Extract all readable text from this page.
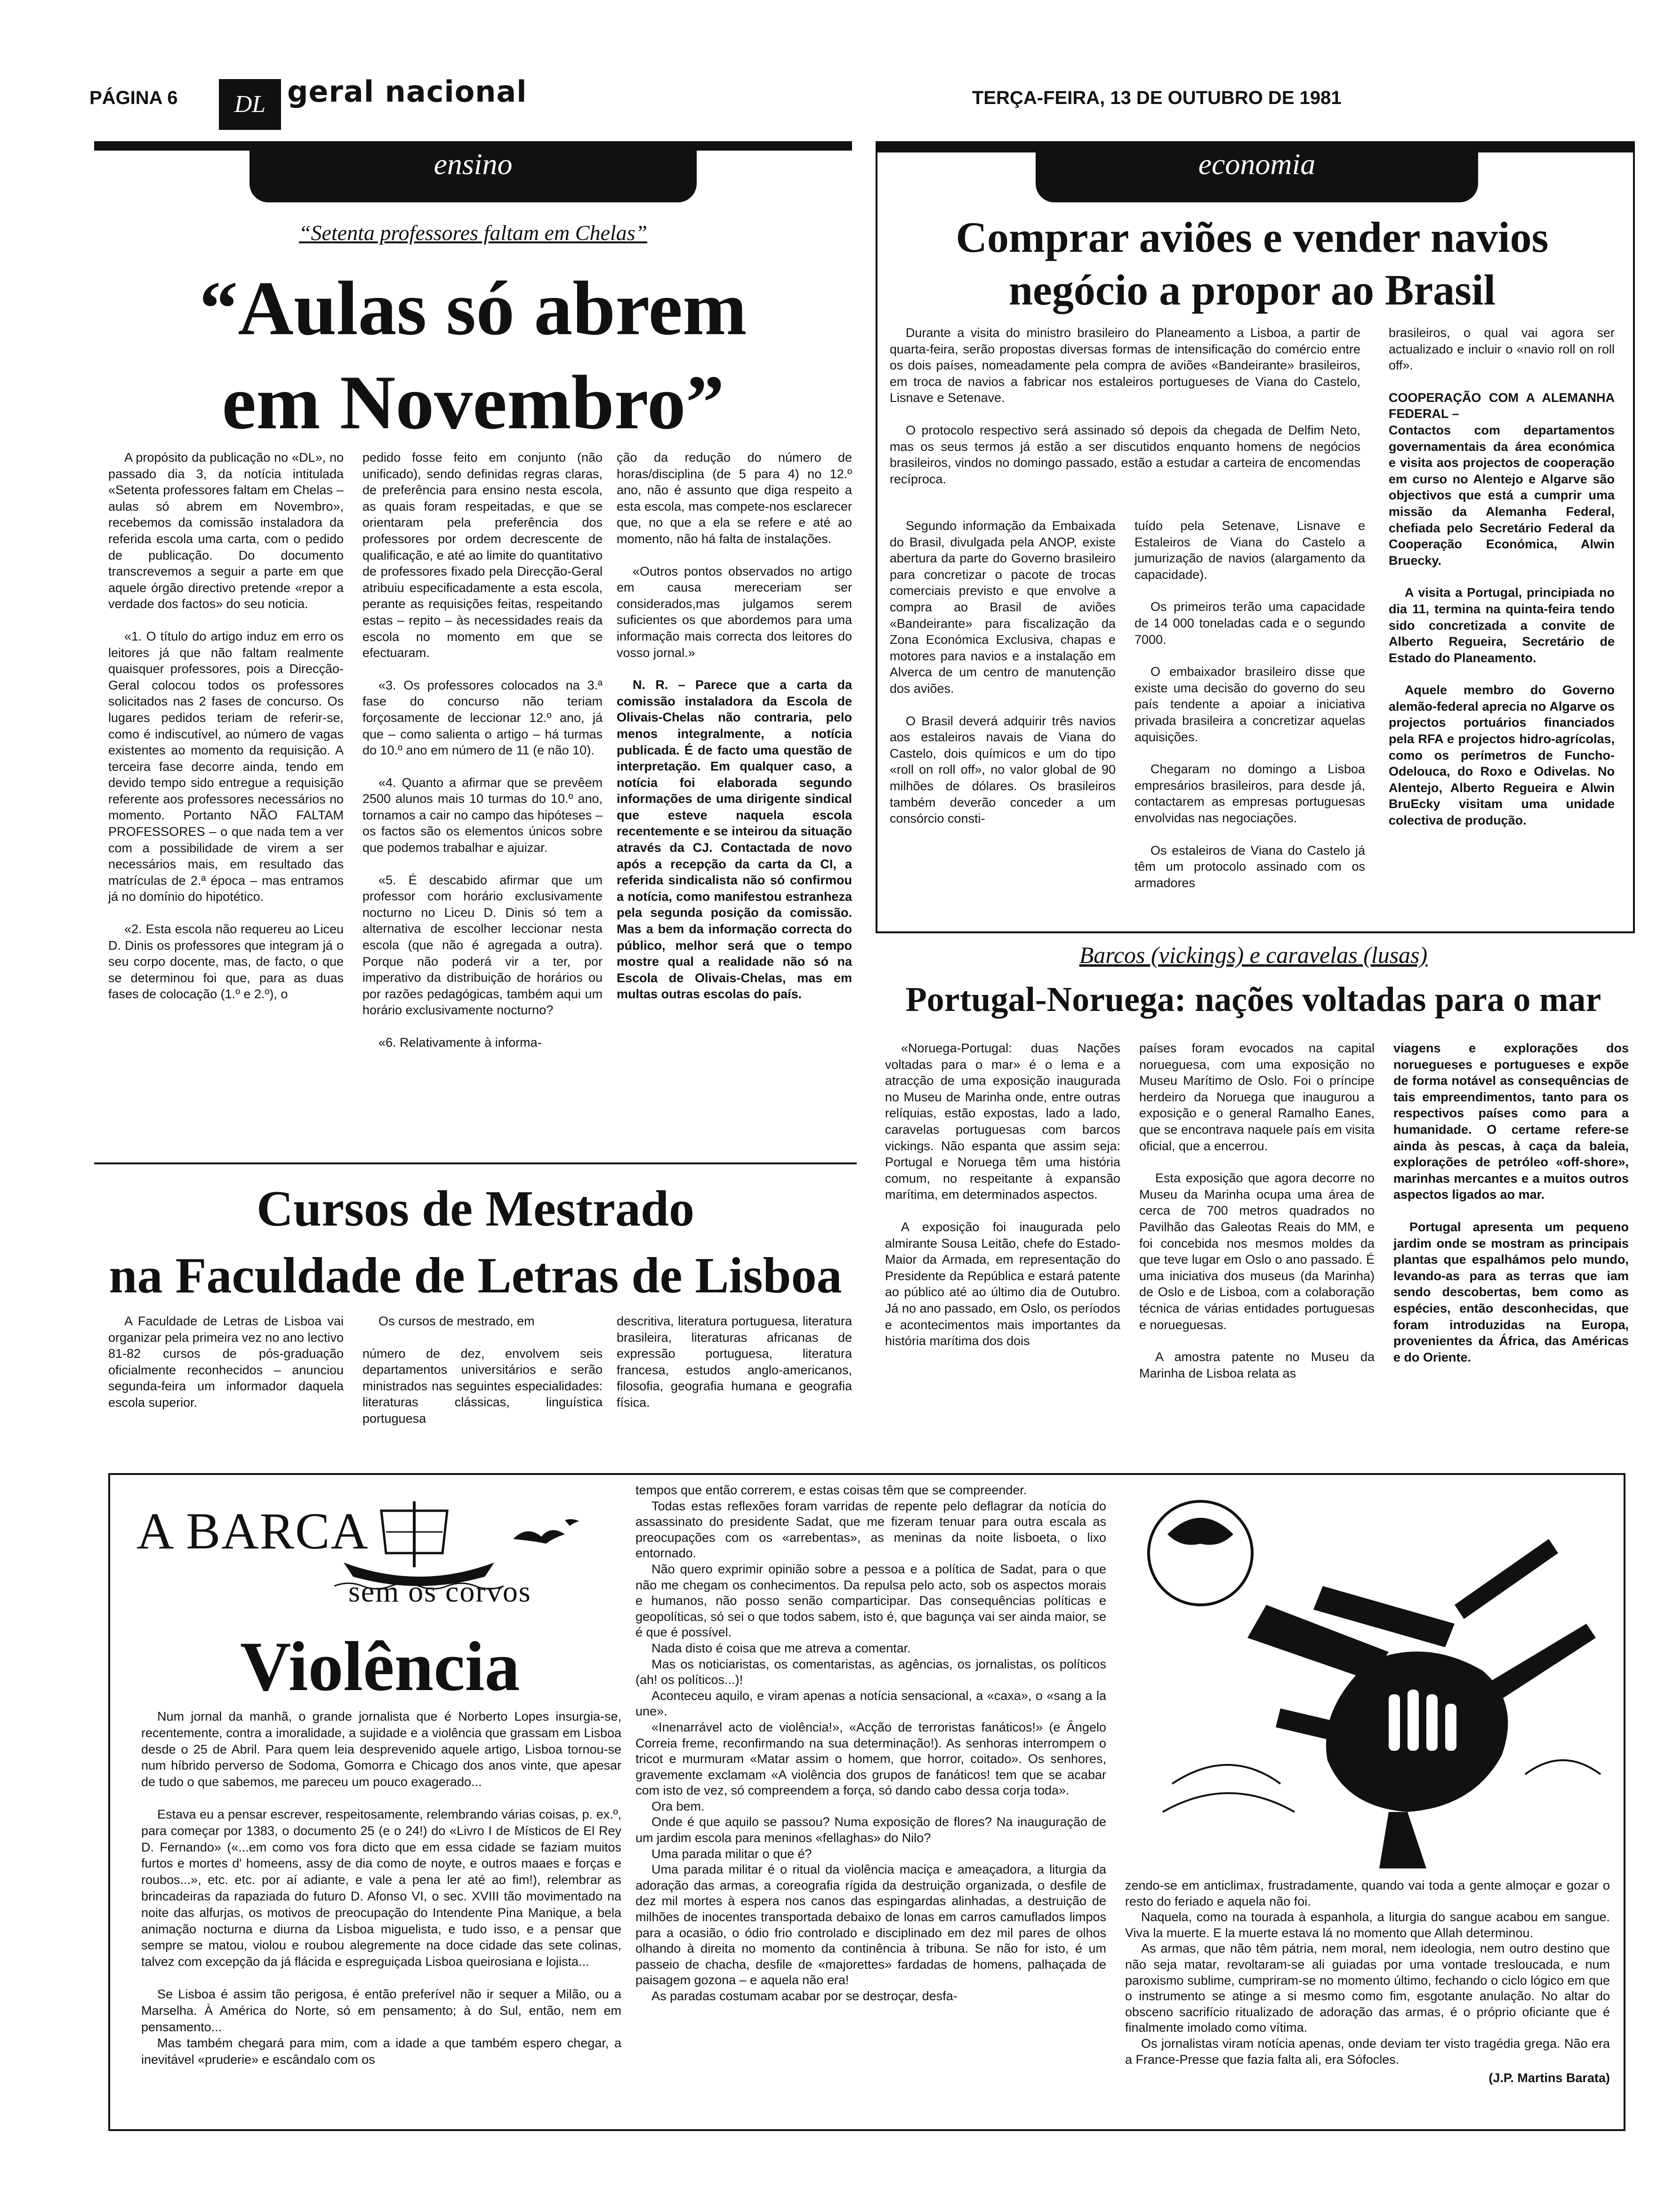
PÁGINA 6	DL geral nacional	TERÇA-FEIRA, 13 DE OUTUBRO DE 1981
ensino
“Setenta professores faltam em Chelas”
“Aulas só abrem
em Novembro”

A propósito da publicação no «DL», no passado dia 3, da notícia intitulada «Setenta professores faltam em Chelas – aulas só abrem em Novembro», recebemos da comissão instaladora da referida escola uma carta, com o pedido de publicação. Do documento transcrevemos a seguir a parte em que aquele órgão directivo pretende «repor a verdade dos factos» do seu noticia.

«1. O título do artigo induz em erro os leitores já que não faltam realmente quaisquer professores, pois a Direcção-Geral colocou todos os professores solicitados nas 2 fases de concurso. Os lugares pedidos teriam de referir-se, como é indiscutível, ao número de vagas existentes ao momento da requisição. A terceira fase decorre ainda, tendo em devido tempo sido entregue a requisição referente aos professores necessários no momento. Portanto NÃO FALTAM PROFESSORES – o que nada tem a ver com a possibilidade de virem a ser necessários mais, em resultado das matrículas de 2.ª época – mas entramos já no domínio do hipotético.

«2. Esta escola não requereu ao Liceu D. Dinis os professores que integram já o seu corpo docente, mas, de facto, o que se determinou foi que, para as duas fases de colocação (1.º e 2.º), o

pedido fosse feito em conjunto (não unificado), sendo definidas regras claras, de preferência para ensino nesta escola, as quais foram respeitadas, e que se orientaram pela preferência dos professores por ordem decrescente de qualificação, e até ao limite do quantitativo de professores fixado pela Direcção-Geral atribuiu especificadamente a esta escola, perante as requisições feitas, respeitando estas – repito – às necessidades reais da escola no momento em que se efectuaram.

«3. Os professores colocados na 3.ª fase do concurso não teriam forçosamente de leccionar 12.º ano, já que – como salienta o artigo – há turmas do 10.º ano em número de 11 (e não 10).

«4. Quanto a afirmar que se prevêem 2500 alunos mais 10 turmas do 10.º ano, tornamos a cair no campo das hipóteses – os factos são os elementos únicos sobre que podemos trabalhar e ajuizar.

«5. É descabido afirmar que um professor com horário exclusivamente nocturno no Liceu D. Dinis só tem a alternativa de escolher leccionar nesta escola (que não é agregada a outra). Porque não poderá vir a ter, por imperativo da distribuição de horários ou por razões pedagógicas, também aqui um horário exclusivamente nocturno?

«6. Relativamente à informa-

ção da redução do número de horas/disciplina (de 5 para 4) no 12.º ano, não é assunto que diga respeito a esta escola, mas compete-nos esclarecer que, no que a ela se refere e até ao momento, não há falta de instalações.

«Outros pontos observados no artigo em causa mereceriam ser considerados,mas julgamos serem suficientes os que abordemos para uma informação mais correcta dos leitores do vosso jornal.»

N. R. – Parece que a carta da comissão instaladora da Escola de Olivais-Chelas não contraria, pelo menos integralmente, a notícia publicada. É de facto uma questão de interpretação. Em qualquer caso, a notícia foi elaborada segundo informações de uma dirigente sindical que esteve naquela escola recentemente e se inteirou da situação através da CJ. Contactada de novo após a recepção da carta da CI, a referida sindicalista não só confirmou a notícia, como manifestou estranheza pela segunda posição da comissão. Mas a bem da informação correcta do público, melhor será que o tempo mostre qual a realidade não só na Escola de Olivais-Chelas, mas em multas outras escolas do país.

economia
Comprar aviões e vender navios
negócio a propor ao Brasil

Durante a visita do ministro brasileiro do Planeamento a Lisboa, a partir de quarta-feira, serão propostas diversas formas de intensificação do comércio entre os dois países, nomeadamente pela compra de aviões «Bandeirante» brasileiros, em troca de navios a fabricar nos estaleiros portugueses de Viana do Castelo, Lisnave e Setenave.

O protocolo respectivo será assinado só depois da chegada de Delfim Neto, mas os seus termos já estão a ser discutidos enquanto homens de negócios brasileiros, vindos no domingo passado, estão a estudar a carteira de encomendas recíproca.

Segundo informação da Embaixada do Brasil, divulgada pela ANOP, existe abertura da parte do Governo brasileiro para concretizar o pacote de trocas comerciais previsto e que envolve a compra ao Brasil de aviões «Bandeirante» para fiscalização da Zona Económica Exclusiva, chapas e motores para navios e a instalação em Alverca de um centro de manutenção dos aviões.

O Brasil deverá adquirir três navios aos estaleiros navais de Viana do Castelo, dois químicos e um do tipo «roll on roll off», no valor global de 90 milhões de dólares. Os brasileiros também deverão conceder a um consórcio consti-

tuído pela Setenave, Lisnave e Estaleiros de Viana do Castelo a jumurização de navios (alargamento da capacidade).

Os primeiros terão uma capacidade de 14 000 toneladas cada e o segundo 7000.

O embaixador brasileiro disse que existe uma decisão do governo do seu país tendente a apoiar a iniciativa privada brasileira a concretizar aquelas aquisições.

Chegaram no domingo a Lisboa empresários brasileiros, para desde já, contactarem as empresas portuguesas envolvidas nas negociações.

Os estaleiros de Viana do Castelo já têm um protocolo assinado com os armadores

brasileiros, o qual vai agora ser actualizado e incluir o «navio roll on roll off».

COOPERAÇÃO COM A ALEMANHA FEDERAL –

Contactos com departamentos governamentais da área económica e visita aos projectos de cooperação em curso no Alentejo e Algarve são objectivos que está a cumprir uma missão da Alemanha Federal, chefiada pelo Secretário Federal da Cooperação Económica, Alwin Bruecky.

A visita a Portugal, principiada no dia 11, termina na quinta-feira tendo sido concretizada a convite de Alberto Regueira, Secretário de Estado do Planeamento.

Aquele membro do Governo alemão-federal aprecia no Algarve os projectos portuários financiados pela RFA e projectos hidro-agrícolas, como os perímetros de Funcho-Odelouca, do Roxo e Odivelas. No Alentejo, Alberto Regueira e Alwin BruEcky visitam uma unidade colectiva de produção.

Barcos (vickings) e caravelas (lusas)
Portugal-Noruega: nações voltadas para o mar

«Noruega-Portugal: duas Nações voltadas para o mar» é o lema e a atracção de uma exposição inaugurada no Museu de Marinha onde, entre outras relíquias, estão expostas, lado a lado, caravelas portuguesas com barcos vickings. Não espanta que assim seja: Portugal e Noruega têm uma história comum, no respeitante à expansão marítima, em determinados aspectos.

A exposição foi inaugurada pelo almirante Sousa Leitão, chefe do Estado-Maior da Armada, em representação do Presidente da República e estará patente ao público até ao último dia de Outubro. Já no ano passado, em Oslo, os períodos e acontecimentos mais importantes da história marítima dos dois

países foram evocados na capital norueguesa, com uma exposição no Museu Marítimo de Oslo. Foi o príncipe herdeiro da Noruega que inaugurou a exposição e o general Ramalho Eanes, que se encontrava naquele país em visita oficial, que a encerrou.

Esta exposição que agora decorre no Museu da Marinha ocupa uma área de cerca de 700 metros quadrados no Pavilhão das Galeotas Reais do MM, e foi concebida nos mesmos moldes da que teve lugar em Oslo o ano passado. É uma iniciativa dos museus (da Marinha) de Oslo e de Lisboa, com a colaboração técnica de várias entidades portuguesas e norueguesas.

A amostra patente no Museu da Marinha de Lisboa relata as

viagens e explorações dos noruegueses e portugueses e expõe de forma notável as consequências de tais empreendimentos, tanto para os respectivos países como para a humanidade. O certame refere-se ainda às pescas, à caça da baleia, explorações de petróleo «off-shore», marinhas mercantes e a muitos outros aspectos ligados ao mar.

Portugal apresenta um pequeno jardim onde se mostram as principais plantas que espalhámos pelo mundo, levando-as para as terras que iam sendo descobertas, bem como as espécies, então desconhecidas, que foram introduzidas na Europa, provenientes da África, das Américas e do Oriente.

Cursos de Mestrado
na Faculdade de Letras de Lisboa

A Faculdade de Letras de Lisboa vai organizar pela primeira vez no ano lectivo 81-82 cursos de pós-graduação oficialmente reconhecidos – anunciou segunda-feira um informador daquela escola superior.

Os cursos de mestrado, em

número de dez, envolvem seis departamentos universitários e serão ministrados nas seguintes especialidades: literaturas clássicas, linguística portuguesa

descritiva, literatura portuguesa, literatura brasileira, literaturas africanas de expressão portuguesa, literatura francesa, estudos anglo-americanos, filosofia, geografia humana e geografia física.

A BARCA
sem os corvos
Violência

Num jornal da manhã, o grande jornalista que é Norberto Lopes insurgia-se, recentemente, contra a imoralidade, a sujidade e a violência que grassam em Lisboa desde o 25 de Abril. Para quem leia desprevenido aquele artigo, Lisboa tornou-se num híbrido perverso de Sodoma, Gomorra e Chicago dos anos vinte, que apesar de tudo o que sabemos, me pareceu um pouco exagerado...

Estava eu a pensar escrever, respeitosamente, relembrando várias coisas, p. ex.º, para começar por 1383, o documento 25 (e o 24!) do «Livro I de Místicos de El Rey D. Fernando» («...em como vos fora dicto que em essa cidade se faziam muitos furtos e mortes d' homeens, assy de dia como de noyte, e outros maaes e forças e roubos...», etc. etc. por aí adiante, e vale a pena ler até ao fim!), relembrar as brincadeiras da rapaziada do futuro D. Afonso VI, o sec. XVIII tão movimentado na noite das alfurjas, os motivos de preocupação do Intendente Pina Manique, a bela animação nocturna e diurna da Lisboa miguelista, e tudo isso, e a pensar que sempre se matou, violou e roubou alegremente na doce cidade das sete colinas, talvez com excepção da já flácida e espreguiçada Lisboa queirosiana e lojista...

Se Lisboa é assim tão perigosa, é então preferível não ir sequer a Milão, ou a Marselha. À América do Norte, só em pensamento; à do Sul, então, nem em pensamento...

Mas também chegará para mim, com a idade a que também espero chegar, a inevitável «pruderie» e escândalo com os

tempos que então correrem, e estas coisas têm que se compreender.

Todas estas reflexões foram varridas de repente pelo deflagrar da notícia do assassinato do presidente Sadat, que me fizeram tenuar para outra escala as preocupações com os «arrebentas», as meninas da noite lisboeta, o lixo entornado.

Não quero exprimir opinião sobre a pessoa e a política de Sadat, para o que não me chegam os conhecimentos. Da repulsa pelo acto, sob os aspectos morais e humanos, não posso senão comparticipar. Das consequências políticas e geopolíticas, só sei o que todos sabem, isto é, que bagunça vai ser ainda maior, se é que é possível.

Nada disto é coisa que me atreva a comentar.

Mas os noticiaristas, os comentaristas, as agências, os jornalistas, os políticos (ah! os políticos...)!

Aconteceu aquilo, e viram apenas a notícia sensacional, a «caxa», o «sang a la une».

«Inenarrável acto de violência!», «Acção de terroristas fanáticos!» (e Ângelo Correia freme, reconfirmando na sua determinação!). As senhoras interrompem o tricot e murmuram «Matar assim o homem, que horror, coitado». Os senhores, gravemente exclamam «A violência dos grupos de fanáticos! tem que se acabar com isto de vez, só compreendem a força, só dando cabo dessa corja toda».

Ora bem.

Onde é que aquilo se passou? Numa exposição de flores? Na inauguração de um jardim escola para meninos «fellaghas» do Nilo?

Uma parada militar o que é?

Uma parada militar é o ritual da violência maciça e ameaçadora, a liturgia da adoração das armas, a coreografia rígida da destruição organizada, o desfile de dez mil mortes à espera nos canos das espingardas alinhadas, a destruição de milhões de inocentes transportada debaixo de lonas em carros camuflados limpos para a ocasião, o ódio frio controlado e disciplinado em dez mil pares de olhos olhando à direita no momento da continência à tribuna. Se não for isto, é um passeio de chacha, desfile de «majorettes» fardadas de homens, palhaçada de paisagem gozona – e aquela não era!

As paradas costumam acabar por se destroçar, desfa-

zendo-se em anticlimax, frustradamente, quando vai toda a gente almoçar e gozar o resto do feriado e aquela não foi.

Naquela, como na tourada à espanhola, a liturgia do sangue acabou em sangue. Viva la muerte. E la muerte estava lá no momento que Allah determinou.

As armas, que não têm pátria, nem moral, nem ideologia, nem outro destino que não seja matar, revoltaram-se ali guiadas por uma vontade tresloucada, e num paroxismo sublime, cumpriram-se no momento último, fechando o ciclo lógico em que o instrumento se atinge a si mesmo como fim, esgotante anulação. No altar do obsceno sacrifício ritualizado de adoração das armas, é o próprio oficiante que é finalmente imolado como vítima.

Os jornalistas viram notícia apenas, onde deviam ter visto tragédia grega. Não era a France-Presse que fazia falta ali, era Sófocles.

(J.P. Martins Barata)
